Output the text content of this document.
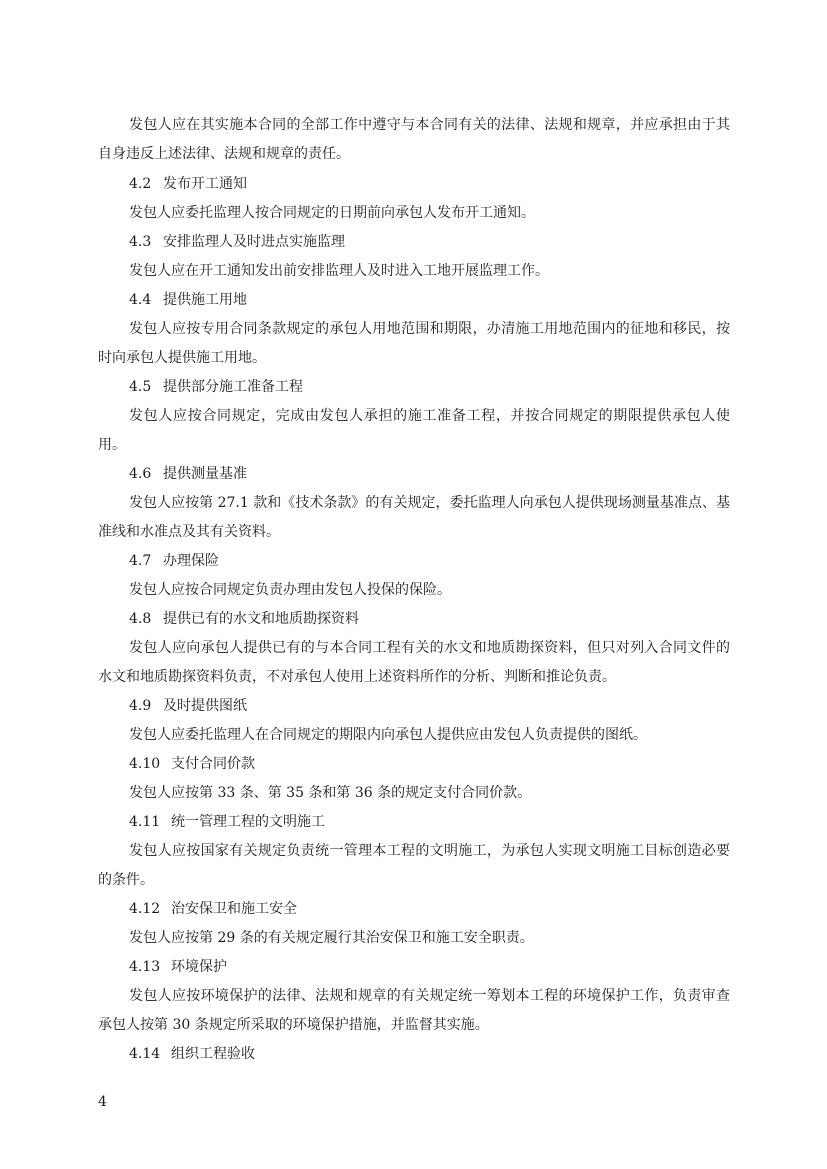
发包人应在其实施本合同的全部工作中遵守与本合同有关的法律、法规和规章，并应承担由于其自身违反上述法律、法规和规章的责任。
4.2 发布开工通知
发包人应委托监理人按合同规定的日期前向承包人发布开工通知。
4.3 安排监理人及时进点实施监理
发包人应在开工通知发出前安排监理人及时进入工地开展监理工作。
4.4 提供施工用地
发包人应按专用合同条款规定的承包人用地范围和期限，办清施工用地范围内的征地和移民，按时向承包人提供施工用地。
4.5 提供部分施工准备工程
发包人应按合同规定，完成由发包人承担的施工准备工程，并按合同规定的期限提供承包人使用。
4.6 提供测量基准
发包人应按第 27.1 款和《技术条款》的有关规定，委托监理人向承包人提供现场测量基准点、基准线和水准点及其有关资料。
4.7 办理保险
发包人应按合同规定负责办理由发包人投保的保险。
4.8 提供已有的水文和地质勘探资料
发包人应向承包人提供已有的与本合同工程有关的水文和地质勘探资料，但只对列入合同文件的水文和地质勘探资料负责，不对承包人使用上述资料所作的分析、判断和推论负责。
4.9 及时提供图纸
发包人应委托监理人在合同规定的期限内向承包人提供应由发包人负责提供的图纸。
4.10 支付合同价款
发包人应按第 33 条、第 35 条和第 36 条的规定支付合同价款。
4.11 统一管理工程的文明施工
发包人应按国家有关规定负责统一管理本工程的文明施工，为承包人实现文明施工目标创造必要的条件。
4.12 治安保卫和施工安全
发包人应按第 29 条的有关规定履行其治安保卫和施工安全职责。
4.13 环境保护
发包人应按环境保护的法律、法规和规章的有关规定统一筹划本工程的环境保护工作，负责审查承包人按第 30 条规定所采取的环境保护措施，并监督其实施。
4.14 组织工程验收
4
